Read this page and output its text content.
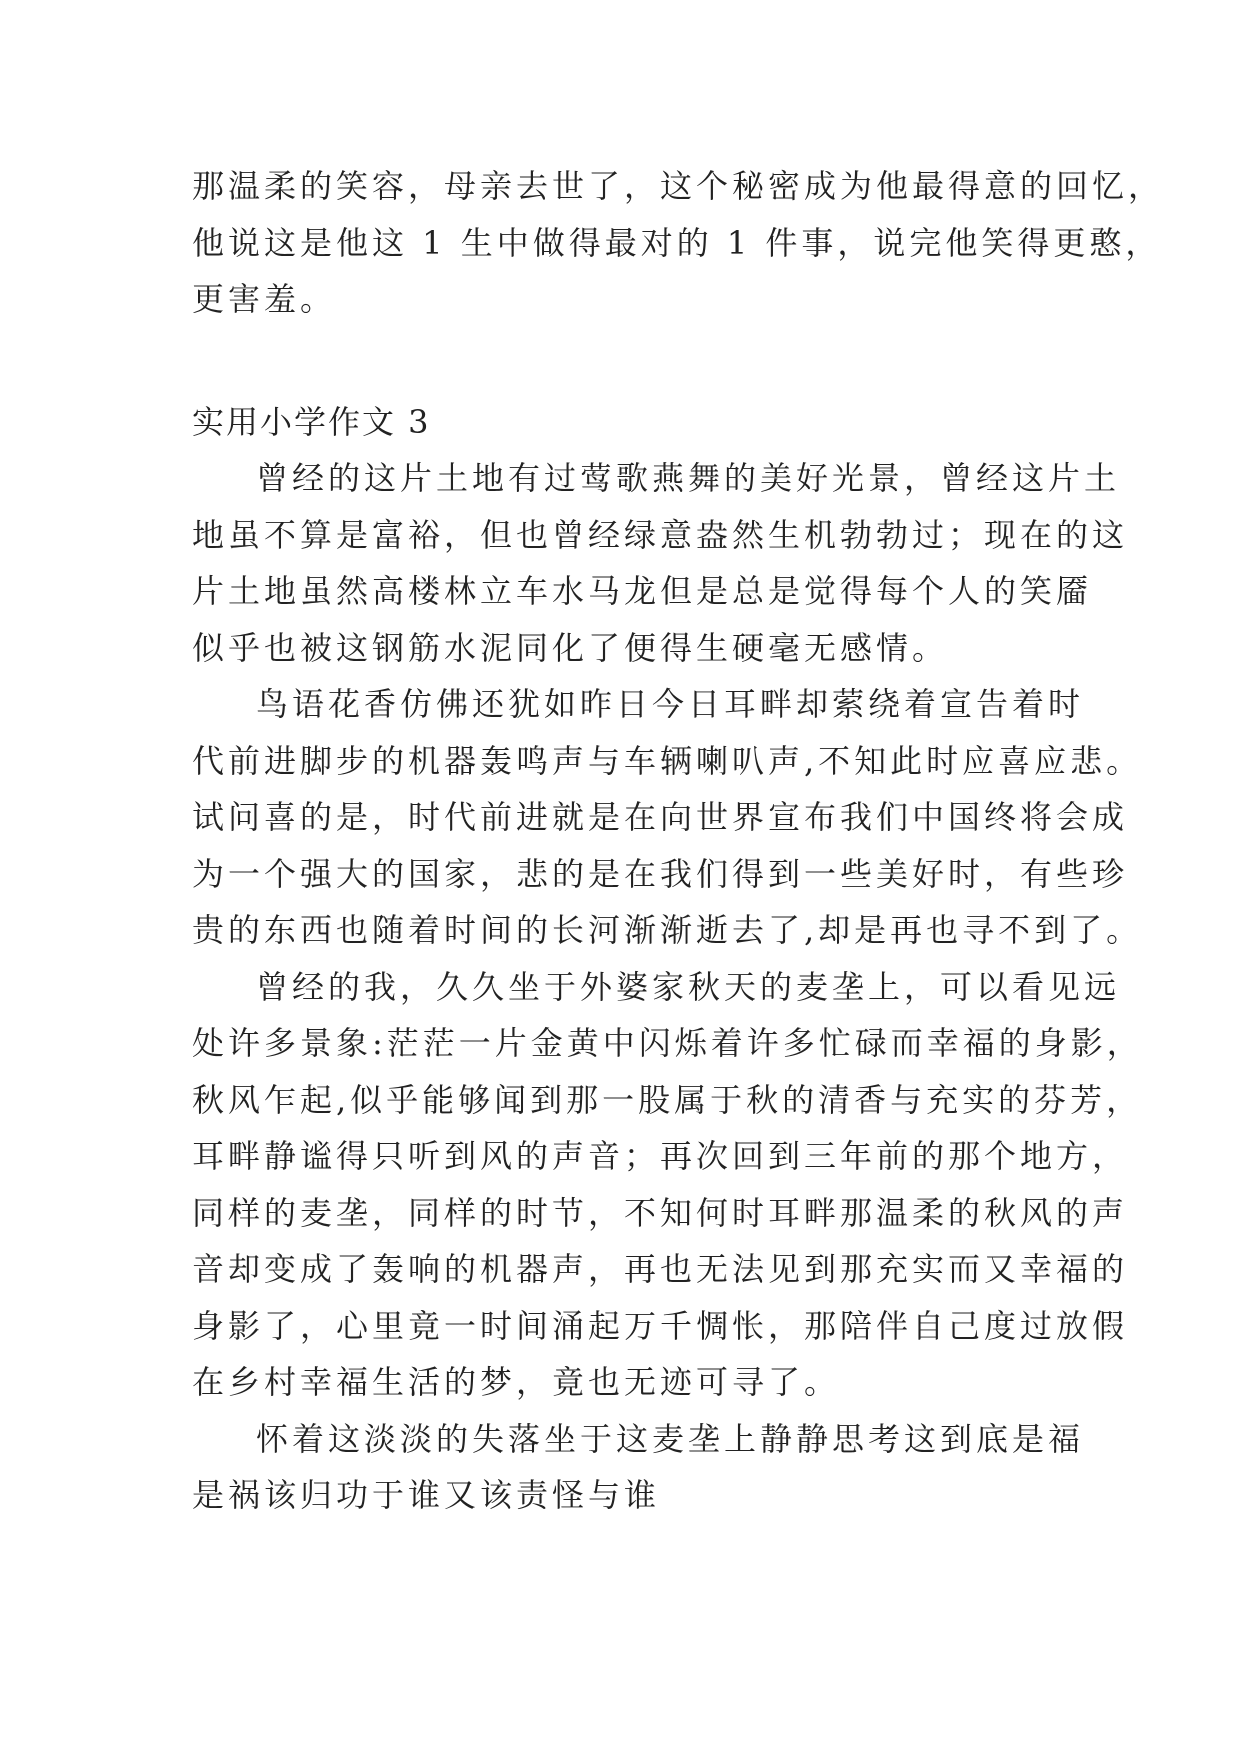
那温柔的笑容，母亲去世了，这个秘密成为他最得意的回忆，
他说这是他这 1 生中做得最对的 1 件事，说完他笑得更憨，
更害羞。
实用小学作文 3
曾经的这片土地有过莺歌燕舞的美好光景，曾经这片土
地虽不算是富裕，但也曾经绿意盎然生机勃勃过；现在的这
片土地虽然高楼林立车水马龙但是总是觉得每个人的笑靥
似乎也被这钢筋水泥同化了便得生硬毫无感情。
鸟语花香仿佛还犹如昨日今日耳畔却萦绕着宣告着时
代前进脚步的机器轰鸣声与车辆喇叭声,不知此时应喜应悲。
试问喜的是，时代前进就是在向世界宣布我们中国终将会成
为一个强大的国家，悲的是在我们得到一些美好时，有些珍
贵的东西也随着时间的长河渐渐逝去了,却是再也寻不到了。
曾经的我，久久坐于外婆家秋天的麦垄上，可以看见远
处许多景象:茫茫一片金黄中闪烁着许多忙碌而幸福的身影，
秋风乍起,似乎能够闻到那一股属于秋的清香与充实的芬芳，
耳畔静谧得只听到风的声音；再次回到三年前的那个地方，
同样的麦垄，同样的时节，不知何时耳畔那温柔的秋风的声
音却变成了轰响的机器声，再也无法见到那充实而又幸福的
身影了，心里竟一时间涌起万千惆怅，那陪伴自己度过放假
在乡村幸福生活的梦，竟也无迹可寻了。
怀着这淡淡的失落坐于这麦垄上静静思考这到底是福
是祸该归功于谁又该责怪与谁
